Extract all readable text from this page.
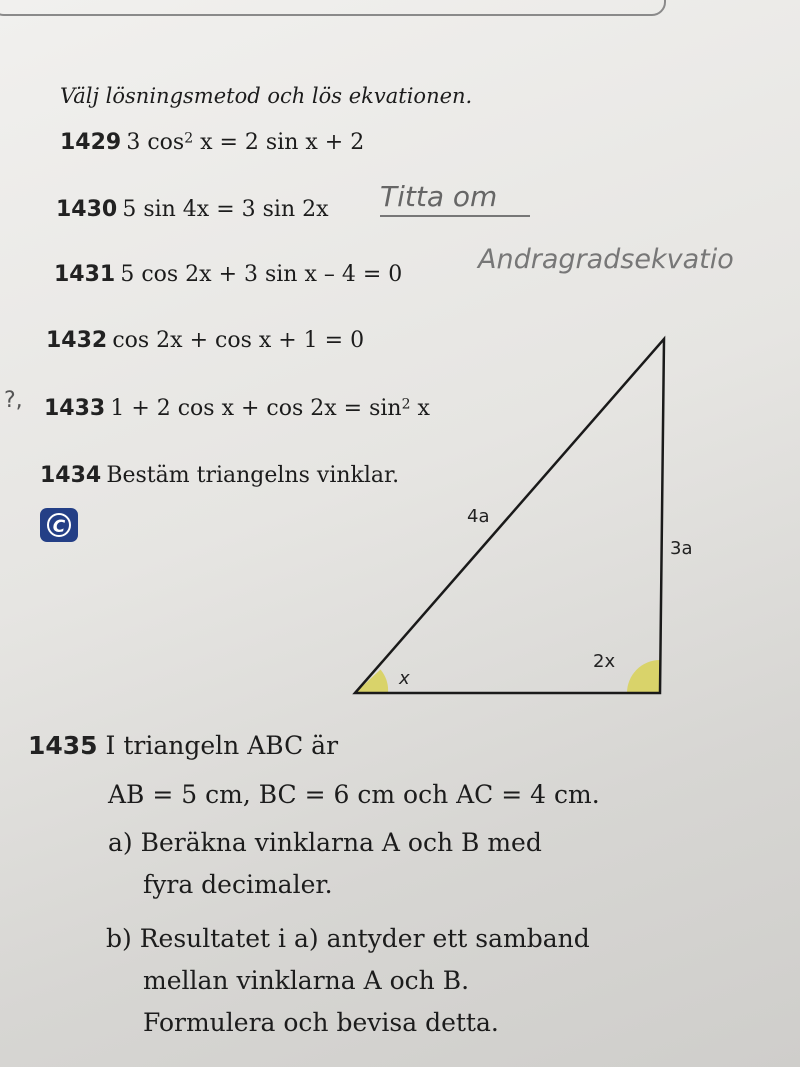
Välj lösningsmetod och lös ekvationen.
1429 3 $\cos^2 x = 2$ sin x + 2
1430 5 sin 4x = 3 sin 2x Titta om
1431 5 cos 2x + 3 sin x – 4 = 0	Andragradsekvatio
1432 cos 2x + cos x + 1 = 0
?, 1433 1 + 2 $\cos x + \cos 2x = \sin^2 x$
1434 Bestäm triangelns vinklar.
C	4a
3a
x
2x
1435 I triangeln ABC är
AB = 5 cm, BC = 6 cm och AC = 4 cm.
a) Beräkna vinklarna A och B med
fyra decimaler.
b) Resultatet i a) antyder ett samband
mellan vinklarna A och B.
Formulera och bevisa detta.
